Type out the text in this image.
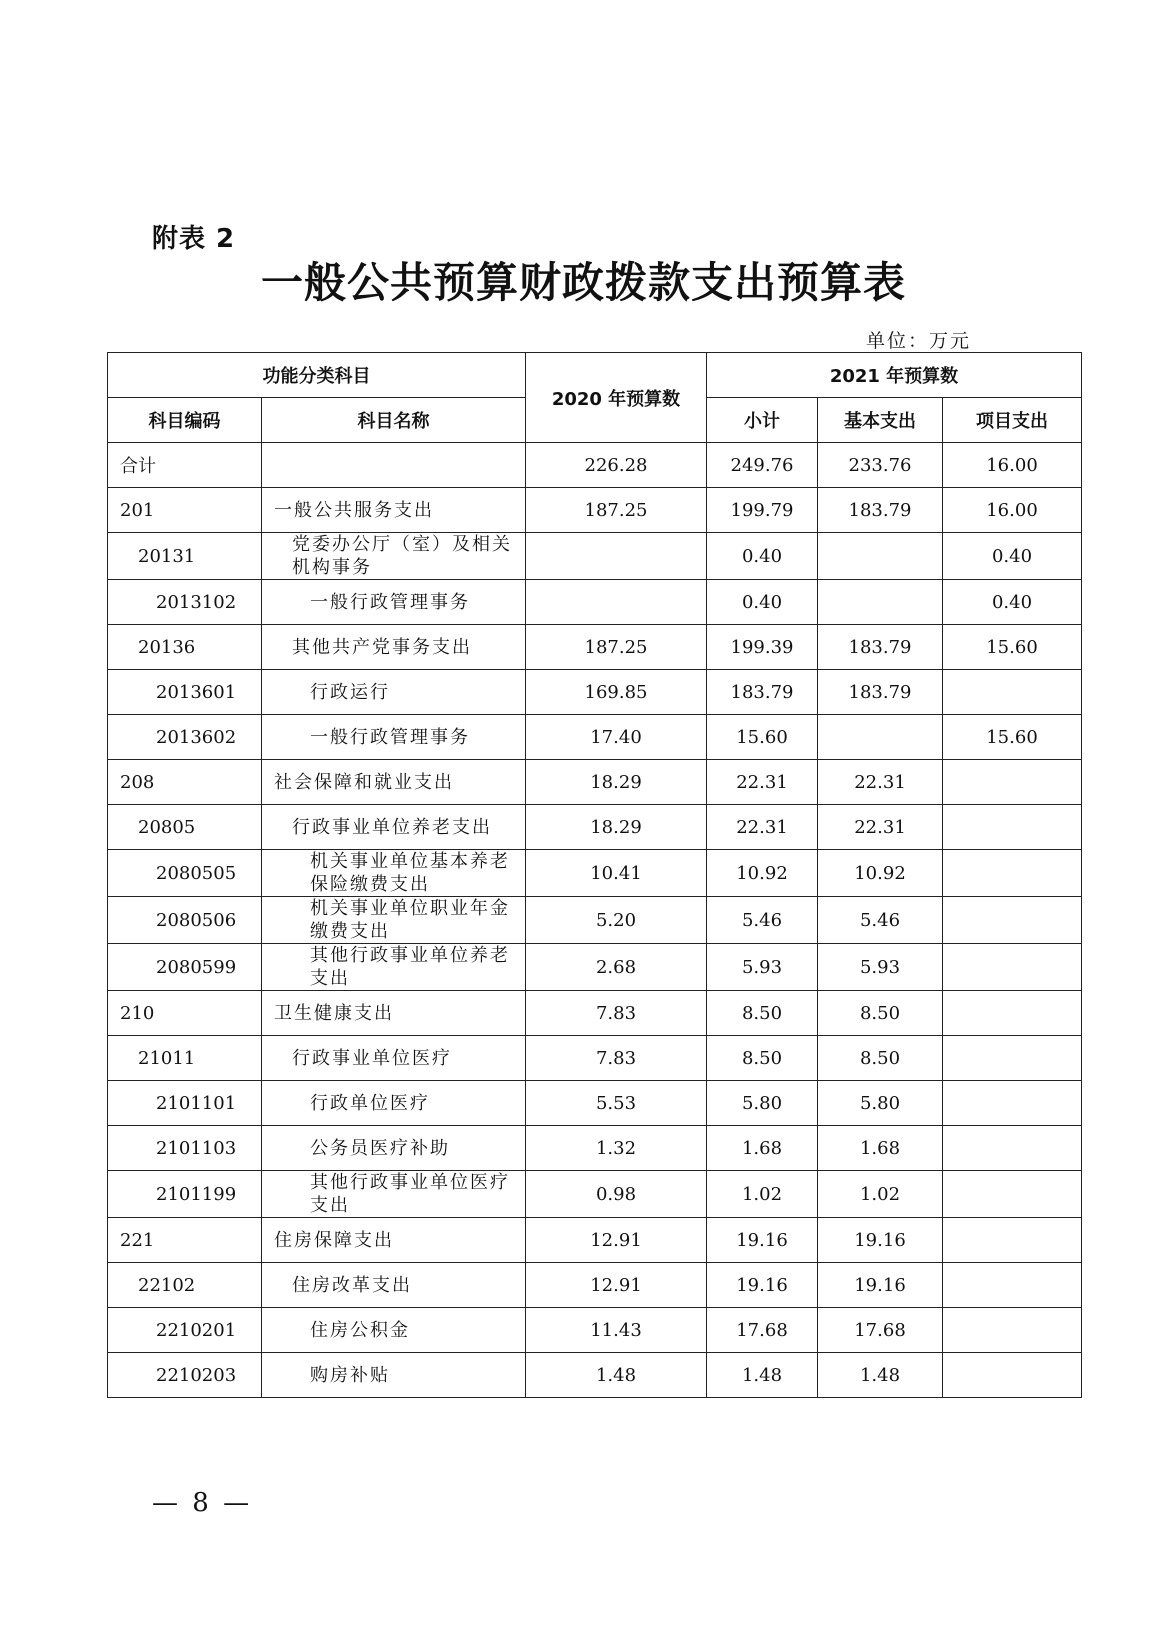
附表 2
一般公共预算财政拨款支出预算表
单位：万元
功能分类科目		2020 年预算数	2021 年预算数		
科目编码	科目名称		小计	基本支出	项目支出
合计		226.28	249.76	233.76	16.00
201	一般公共服务支出	187.25	199.79	183.79	16.00
20131	党委办公厅（室）及相关机构事务		0.40		0.40
2013102	一般行政管理事务		0.40		0.40
20136	其他共产党事务支出	187.25	199.39	183.79	15.60
2013601	行政运行	169.85	183.79	183.79	
2013602	一般行政管理事务	17.40	15.60		15.60
208	社会保障和就业支出	18.29	22.31	22.31	
20805	行政事业单位养老支出	18.29	22.31	22.31	
2080505	机关事业单位基本养老保险缴费支出	10.41	10.92	10.92	
2080506	机关事业单位职业年金缴费支出	5.20	5.46	5.46	
2080599	其他行政事业单位养老支出	2.68	5.93	5.93	
210	卫生健康支出	7.83	8.50	8.50	
21011	行政事业单位医疗	7.83	8.50	8.50	
2101101	行政单位医疗	5.53	5.80	5.80	
2101103	公务员医疗补助	1.32	1.68	1.68	
2101199	其他行政事业单位医疗支出	0.98	1.02	1.02	
221	住房保障支出	12.91	19.16	19.16	
22102	住房改革支出	12.91	19.16	19.16	
2210201	住房公积金	11.43	17.68	17.68	
2210203	购房补贴	1.48	1.48	1.48	
— 8 —
